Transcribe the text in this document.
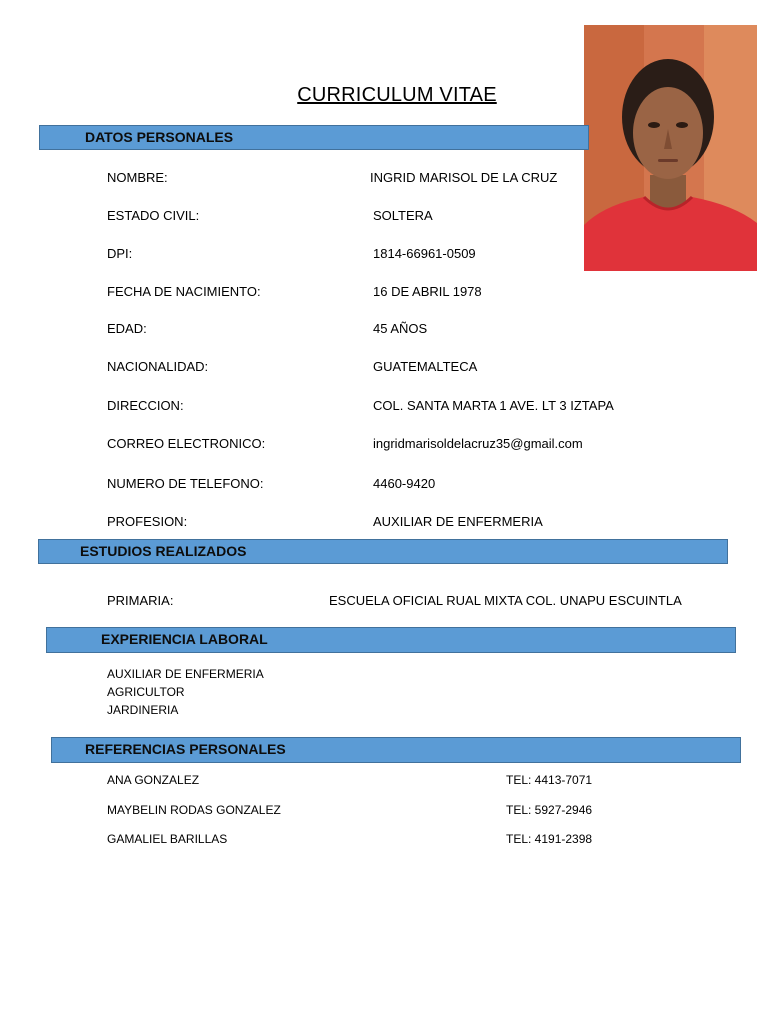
CURRICULUM VITAE
DATOS PERSONALES
NOMBRE:	INGRID MARISOL DE LA CRUZ
ESTADO CIVIL:	SOLTERA
DPI:	1814-66961-0509
FECHA DE NACIMIENTO:	16 DE ABRIL 1978
EDAD:	45 AÑOS
NACIONALIDAD:	GUATEMALTECA
DIRECCION:	COL. SANTA MARTA 1 AVE. LT 3 IZTAPA
CORREO ELECTRONICO:	ingridmarisoldelacruz35@gmail.com
NUMERO DE TELEFONO:	4460-9420
PROFESION:	AUXILIAR DE ENFERMERIA
ESTUDIOS REALIZADOS
PRIMARIA:	ESCUELA OFICIAL RUAL MIXTA COL. UNAPU ESCUINTLA
EXPERIENCIA LABORAL
AUXILIAR DE ENFERMERIA
AGRICULTOR
JARDINERIA
REFERENCIAS PERSONALES
ANA GONZALEZ	TEL: 4413-7071
MAYBELIN RODAS GONZALEZ	TEL: 5927-2946
GAMALIEL BARILLAS	TEL: 4191-2398
